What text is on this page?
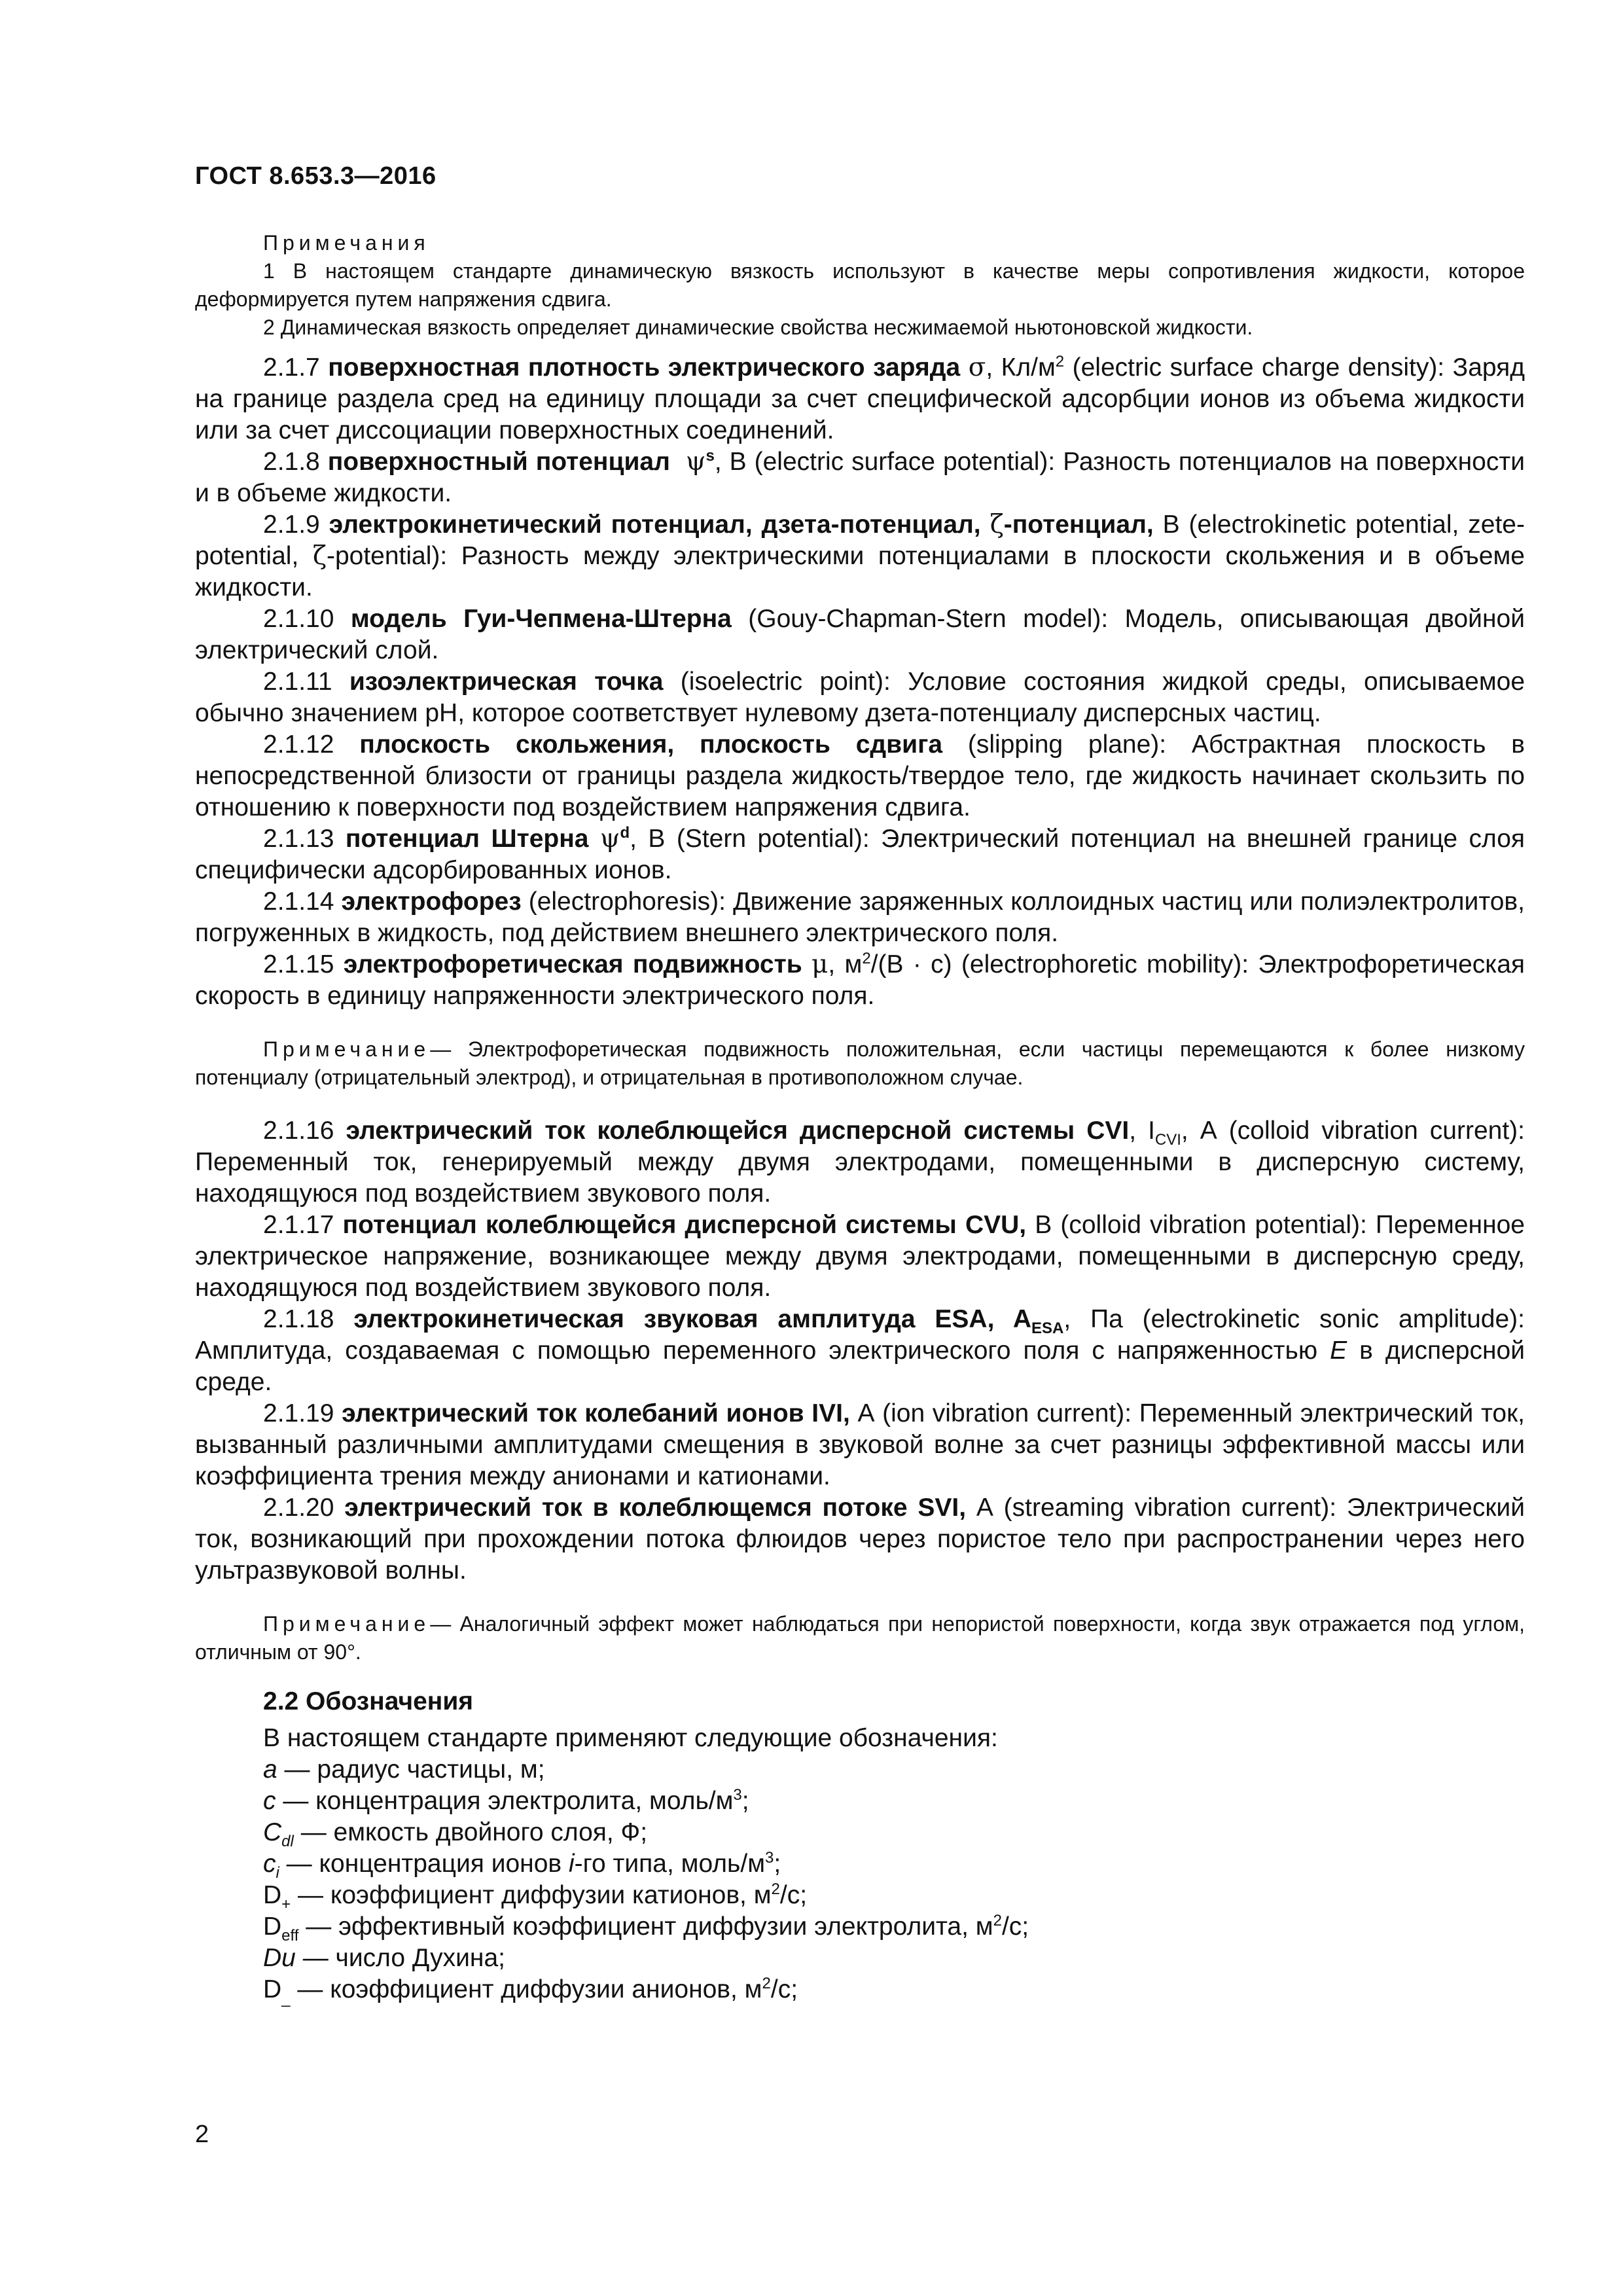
ГОСТ 8.653.3—2016
Примечания
1 В настоящем стандарте динамическую вязкость используют в качестве меры сопротивления жидкости, которое деформируется путем напряжения сдвига.
2 Динамическая вязкость определяет динамические свойства несжимаемой ньютоновской жидкости.

2.1.7 поверхностная плотность электрического заряда σ, $Кл/м^2$ (electric surface charge density): Заряд на границе раздела сред на единицу площади за счет специфической адсорбции ионов из объема жидкости или за счет диссоциации поверхностных соединений.

2.1.8 поверхностный потенциал $\psi^s$, В (electric surface potential): Разность потенциалов на поверхности и в объеме жидкости.

2.1.9 электрокинетический потенциал, дзета-потенциал, ζ-потенциал, В (electrokinetic potential, zete-potential, ζ-potential): Разность между электрическими потенциалами в плоскости скольжения и в объеме жидкости.

2.1.10 модель Гуи-Чепмена-Штерна (Gouy-Chapman-Stern model): Модель, описывающая двойной электрический слой.

2.1.11 изоэлектрическая точка (isoelectric point): Условие состояния жидкой среды, описываемое обычно значением рН, которое соответствует нулевому дзета-потенциалу дисперсных частиц.

2.1.12 плоскость скольжения, плоскость сдвига (slipping plane): Абстрактная плоскость в непосредственной близости от границы раздела жидкость/твердое тело, где жидкость начинает скользить по отношению к поверхности под воздействием напряжения сдвига.

2.1.13 потенциал Штерна $\psi^d$, В (Stern potential): Электрический потенциал на внешней границе слоя специфически адсорбированных ионов.

2.1.14 электрофорез (electrophoresis): Движение заряженных коллоидных частиц или полиэлектролитов, погруженных в жидкость, под действием внешнего электрического поля.

2.1.15 электрофоретическая подвижность μ, $м^2/(В \cdot с)$ (electrophoretic mobility): Электрофоретическая скорость в единицу напряженности электрического поля.

Примечание— Электрофоретическая подвижность положительная, если частицы перемещаются к более низкому потенциалу (отрицательный электрод), и отрицательная в противоположном случае.

2.1.16 электрический ток колеблющейся дисперсной системы CVI, $I_{CVI}$, А (colloid vibration current): Переменный ток, генерируемый между двумя электродами, помещенными в дисперсную систему, находящуюся под воздействием звукового поля.

2.1.17 потенциал колеблющейся дисперсной системы CVU, В (colloid vibration potential): Переменное электрическое напряжение, возникающее между двумя электродами, помещенными в дисперсную среду, находящуюся под воздействием звукового поля.

2.1.18 электрокинетическая звуковая амплитуда ESA, $A_{ESA}$, Па (electrokinetic sonic amplitude): Амплитуда, создаваемая с помощью переменного электрического поля с напряженностью E в дисперсной среде.

2.1.19 электрический ток колебаний ионов IVI, А (ion vibration current): Переменный электрический ток, вызванный различными амплитудами смещения в звуковой волне за счет разницы эффективной массы или коэффициента трения между анионами и катионами.

2.1.20 электрический ток в колеблющемся потоке SVI, А (streaming vibration current): Электрический ток, возникающий при прохождении потока флюидов через пористое тело при распространении через него ультразвуковой волны.

Примечание— Аналогичный эффект может наблюдаться при непористой поверхности, когда звук отражается под углом, отличным от 90°.
2.2 Обозначения

В настоящем стандарте применяют следующие обозначения:

a — радиус частицы, м;

c — концентрация электролита, моль/$м^3$;

$C_{dl}$ — емкость двойного слоя, Ф;

$c_i$ — концентрация ионов i-го типа, моль/$м^3$;

$D_+$ — коэффициент диффузии катионов, $м^2/с$;

$D_{eff}$ — эффективный коэффициент диффузии электролита, $м^2/с$;

Du — число Духина;

$D_{\_}$ — коэффициент диффузии анионов, $м^2/с$;

2
